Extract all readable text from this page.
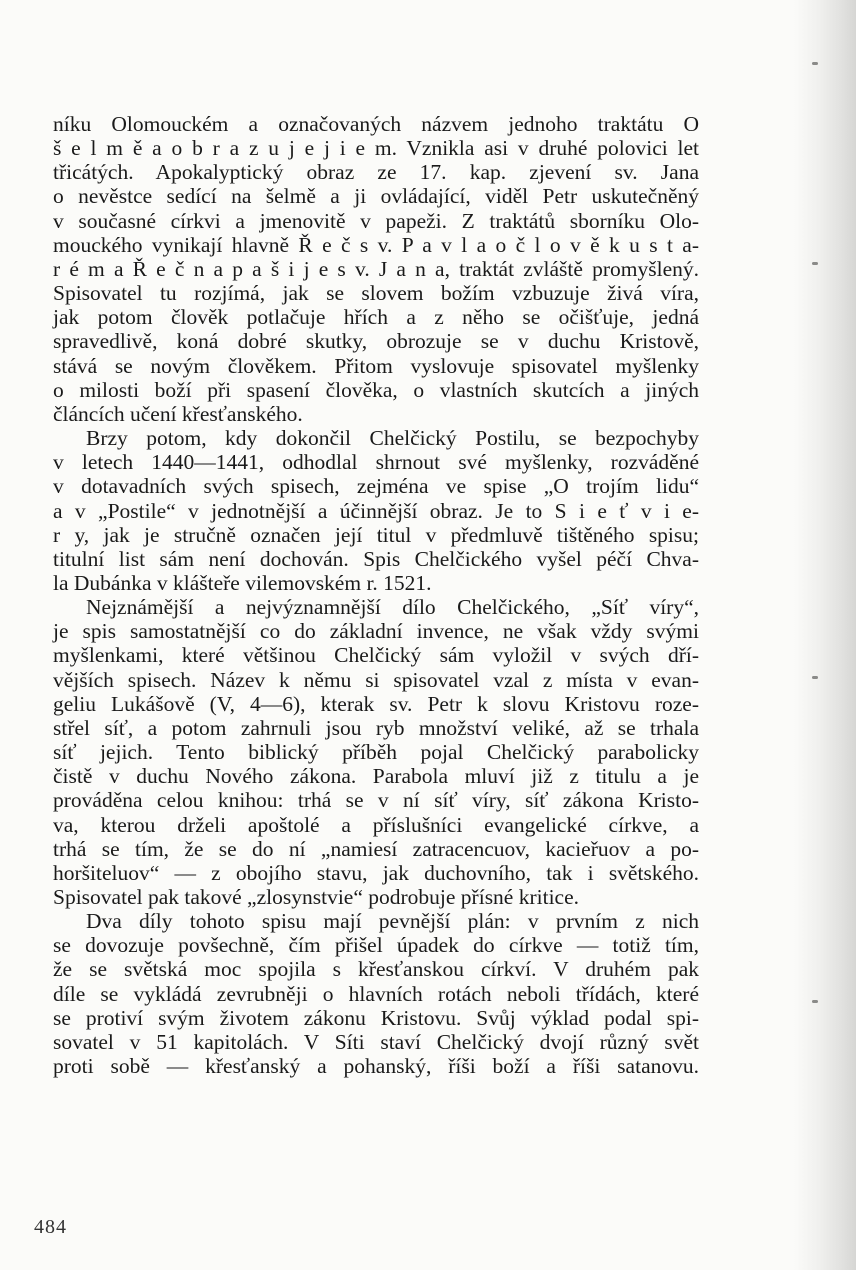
níku Olomouckém a označovaných názvem jednoho traktátu O
š e l m ě a o b r a z u j e j i e m. Vznikla asi v druhé polovici let
třicátých. Apokalyptický obraz ze 17. kap. zjevení sv. Jana
o nevěstce sedící na šelmě a ji ovládající, viděl Petr uskutečněný
v současné církvi a jmenovitě v papeži. Z traktátů sborníku Olo-
mouckého vynikají hlavně Ř e č s v. P a v l a o č l o v ě k u s t a-
r é m a Ř e č n a p a š i j e s v. J a n a, traktát zvláště promyšlený.
Spisovatel tu rozjímá, jak se slovem božím vzbuzuje živá víra,
jak potom člověk potlačuje hřích a z něho se očišťuje, jedná
spravedlivě, koná dobré skutky, obrozuje se v duchu Kristově,
stává se novým člověkem. Přitom vyslovuje spisovatel myšlenky
o milosti boží při spasení člověka, o vlastních skutcích a jiných
článcích učení křesťanského.
Brzy potom, kdy dokončil Chelčický Postilu, se bezpochyby
v letech 1440—1441, odhodlal shrnout své myšlenky, rozváděné
v dotavadních svých spisech, zejména ve spise „O trojím lidu“
a v „Postile“ v jednotnější a účinnější obraz. Je to S i e ť v i e-
r y, jak je stručně označen její titul v předmluvě tištěného spisu;
titulní list sám není dochován. Spis Chelčického vyšel péčí Chva-
la Dubánka v klášteře vilemovském r. 1521.
Nejznámější a nejvýznamnější dílo Chelčického, „Síť víry“,
je spis samostatnější co do základní invence, ne však vždy svými
myšlenkami, které většinou Chelčický sám vyložil v svých dří-
vějších spisech. Název k němu si spisovatel vzal z místa v evan-
geliu Lukášově (V, 4—6), kterak sv. Petr k slovu Kristovu roze-
střel síť, a potom zahrnuli jsou ryb množství veliké, až se trhala
síť jejich. Tento biblický příběh pojal Chelčický parabolicky
čistě v duchu Nového zákona. Parabola mluví již z titulu a je
prováděna celou knihou: trhá se v ní síť víry, síť zákona Kristo-
va, kterou drželi apoštolé a příslušníci evangelické církve, a
trhá se tím, že se do ní „namiesí zatracencuov, kacieřuov a po-
horšiteluov“ — z obojího stavu, jak duchovního, tak i světského.
Spisovatel pak takové „zlosynstvie“ podrobuje přísné kritice.
Dva díly tohoto spisu mají pevnější plán: v prvním z nich
se dovozuje povšechně, čím přišel úpadek do církve — totiž tím,
že se světská moc spojila s křesťanskou církví. V druhém pak
díle se vykládá zevrubněji o hlavních rotách neboli třídách, které
se protiví svým životem zákonu Kristovu. Svůj výklad podal spi-
sovatel v 51 kapitolách. V Síti staví Chelčický dvojí různý svět
proti sobě — křesťanský a pohanský, říši boží a říši satanovu.
484
